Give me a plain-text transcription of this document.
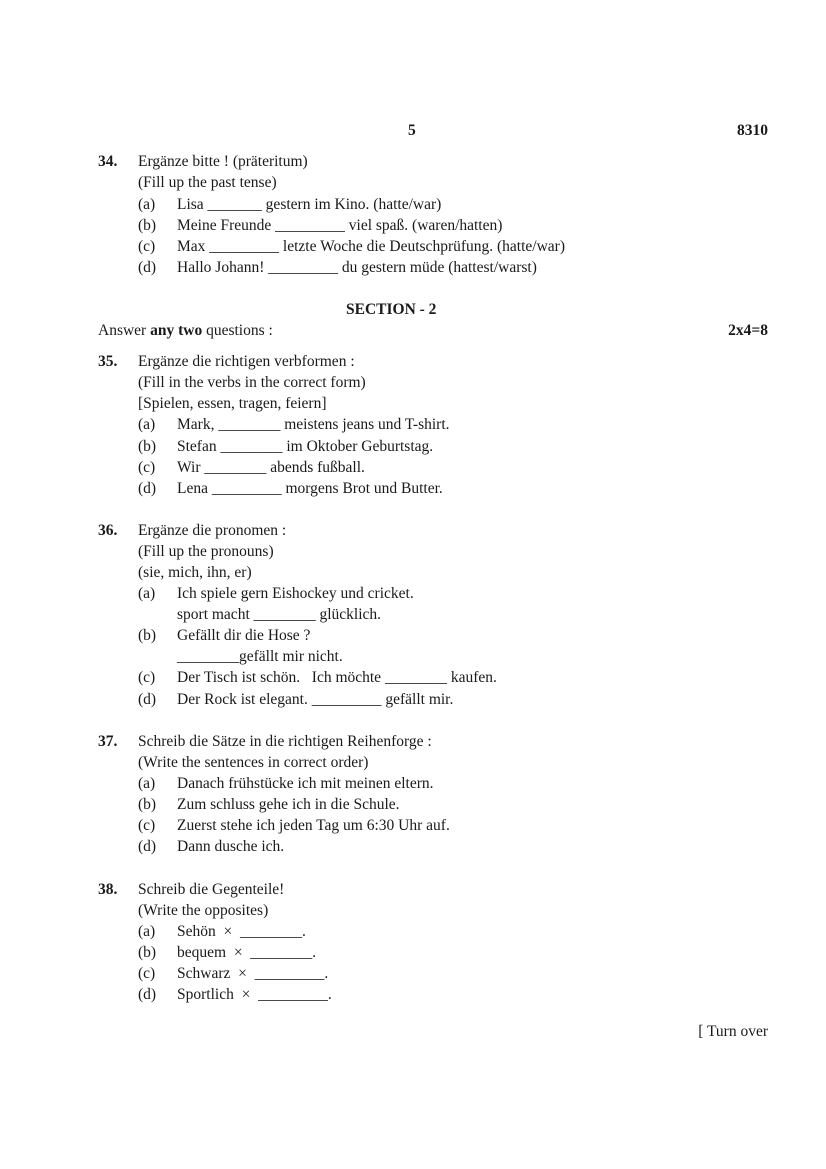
5	8310
34. Ergänze bitte ! (präteritum)
(Fill up the past tense)
(a) Lisa _______ gestern im Kino. (hatte/war)
(b) Meine Freunde _________ viel spaß. (waren/hatten)
(c) Max _________ letzte Woche die Deutschprüfung. (hatte/war)
(d) Hallo Johann! _________ du gestern müde (hattest/warst)
SECTION - 2
Answer any two questions :	2x4=8
35. Ergänze die richtigen verbformen :
(Fill in the verbs in the correct form)
[Spielen, essen, tragen, feiern]
(a) Mark, ________ meistens jeans und T-shirt.
(b) Stefan ________ im Oktober Geburtstag.
(c) Wir ________ abends fußball.
(d) Lena _________ morgens Brot und Butter.
36. Ergänze die pronomen :
(Fill up the pronouns)
(sie, mich, ihn, er)
(a) Ich spiele gern Eishockey und cricket.
sport macht ________ glücklich.
(b) Gefällt dir die Hose ?
________gefällt mir nicht.
(c) Der Tisch ist schön.   Ich möchte ________ kaufen.
(d) Der Rock ist elegant. _________ gefällt mir.
37. Schreib die Sätze in die richtigen Reihenforge :
(Write the sentences in correct order)
(a) Danach frühstücke ich mit meinen eltern.
(b) Zum schluss gehe ich in die Schule.
(c) Zuerst stehe ich jeden Tag um 6:30 Uhr auf.
(d) Dann dusche ich.
38. Schreib die Gegenteile!
(Write the opposites)
(a) Sehön  ×  ________.
(b) bequem  ×  ________.
(c) Schwarz  ×  _________.
(d) Sportlich  ×  _________.
[ Turn over
